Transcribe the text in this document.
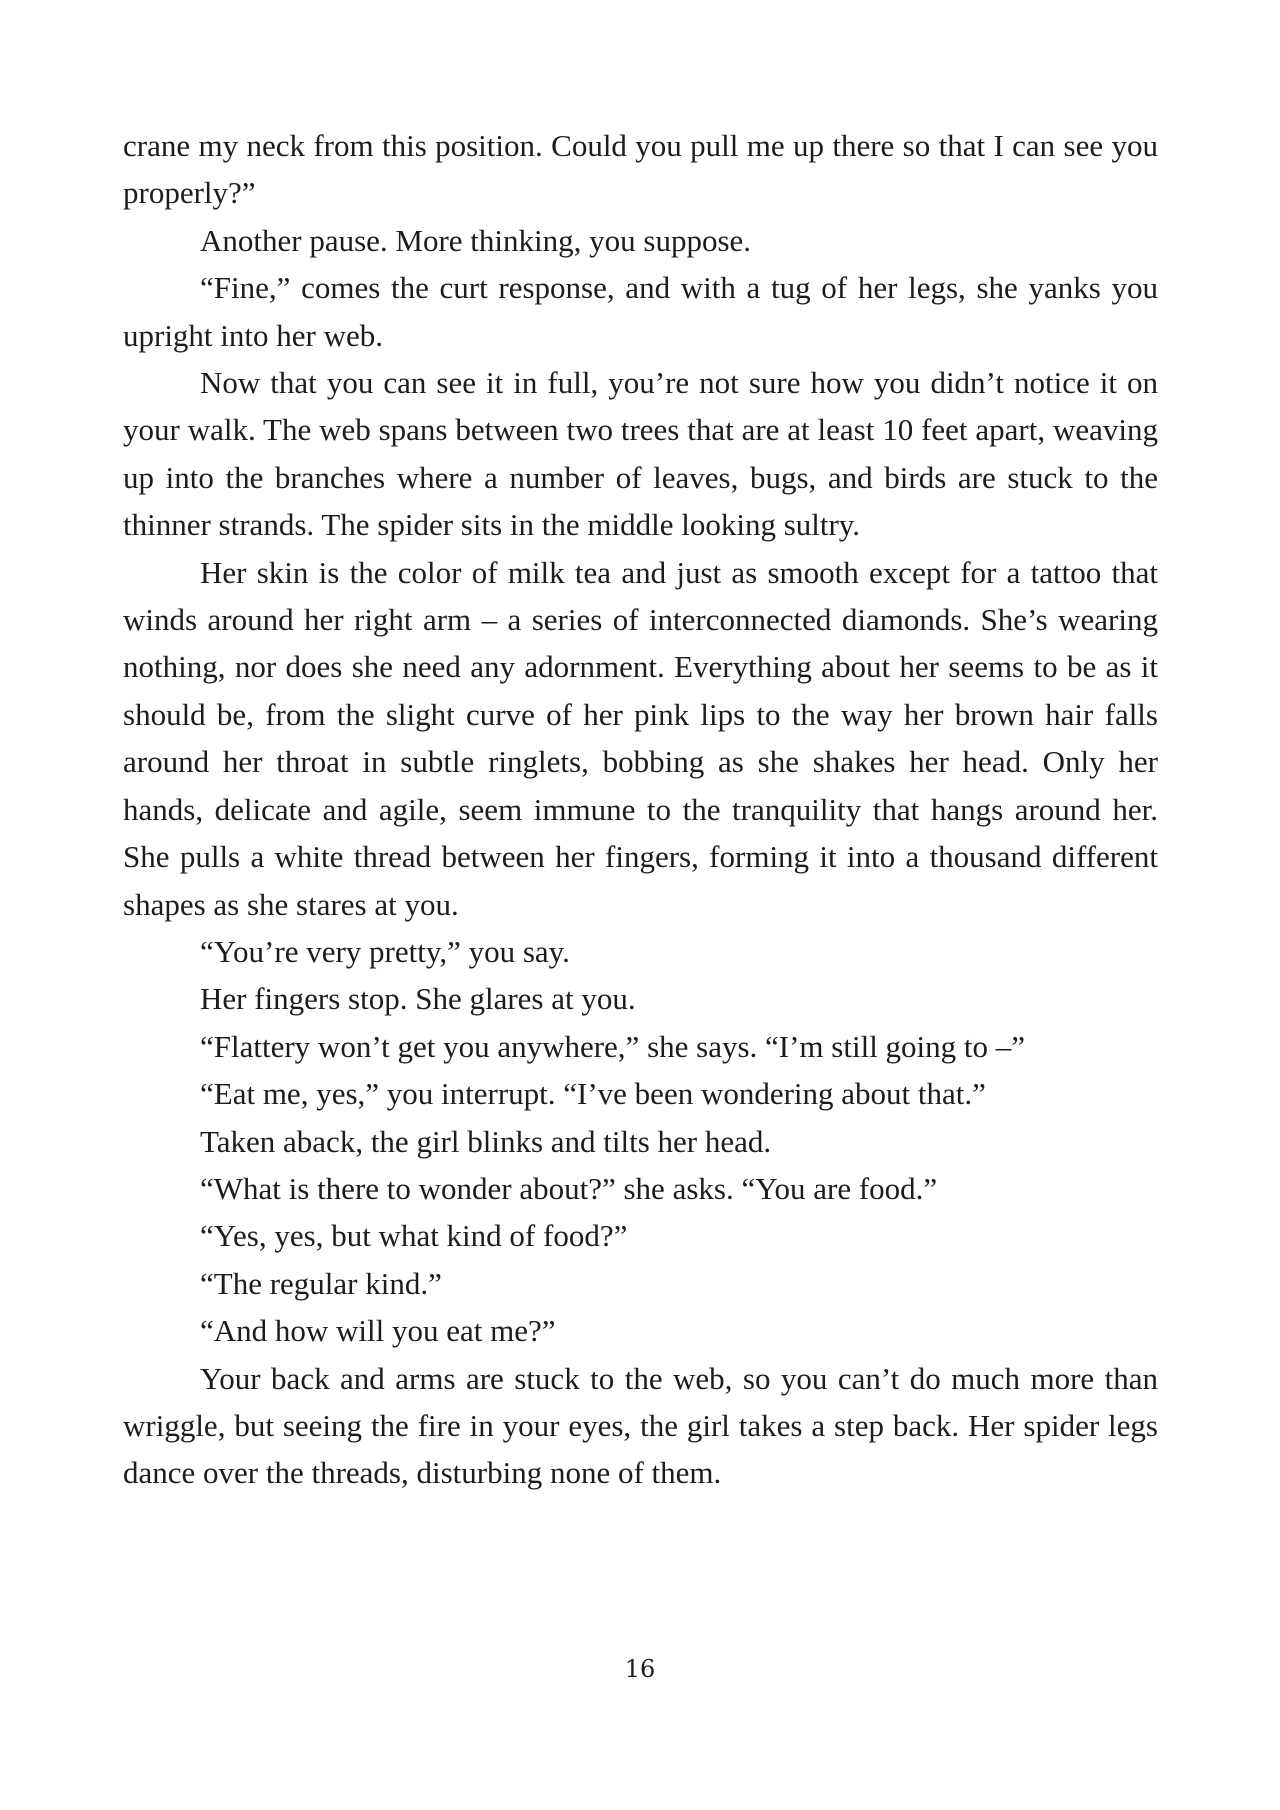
crane my neck from this position. Could you pull me up there so that I can see you properly?”

Another pause. More thinking, you suppose.

“Fine,” comes the curt response, and with a tug of her legs, she yanks you upright into her web.

Now that you can see it in full, you’re not sure how you didn’t notice it on your walk. The web spans between two trees that are at least 10 feet apart, weaving up into the branches where a number of leaves, bugs, and birds are stuck to the thinner strands. The spider sits in the middle looking sultry.

Her skin is the color of milk tea and just as smooth except for a tattoo that winds around her right arm – a series of interconnected diamonds. She’s wearing nothing, nor does she need any adornment. Everything about her seems to be as it should be, from the slight curve of her pink lips to the way her brown hair falls around her throat in subtle ringlets, bobbing as she shakes her head. Only her hands, delicate and agile, seem immune to the tranquility that hangs around her. She pulls a white thread between her fingers, forming it into a thousand different shapes as she stares at you.

“You’re very pretty,” you say.

Her fingers stop. She glares at you.

“Flattery won’t get you anywhere,” she says. “I’m still going to –”

“Eat me, yes,” you interrupt. “I’ve been wondering about that.”

Taken aback, the girl blinks and tilts her head.

“What is there to wonder about?” she asks. “You are food.”

“Yes, yes, but what kind of food?”

“The regular kind.”

“And how will you eat me?”

Your back and arms are stuck to the web, so you can’t do much more than wriggle, but seeing the fire in your eyes, the girl takes a step back. Her spider legs dance over the threads, disturbing none of them.

16
